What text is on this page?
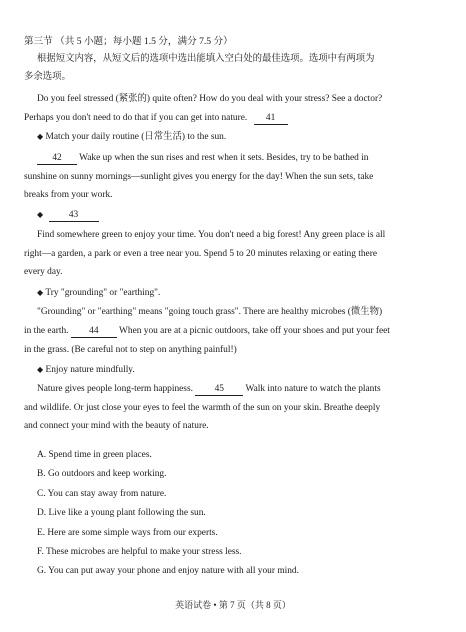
第三节 （共 5 小题；每小题 1.5 分，满分 7.5 分）
根据短文内容，从短文后的选项中选出能填入空白处的最佳选项。选项中有两项为
多余选项。
Do you feel stressed (紧张的) quite often? How do you deal with your stress? See a doctor?
Perhaps you don't need to do that if you can get into nature. 41
◆ Match your daily routine (日常生活) to the sun.
42 Wake up when the sun rises and rest when it sets. Besides, try to be bathed in
sunshine on sunny mornings—sunlight gives you energy for the day! When the sun sets, take
breaks from your work.
◆	43
Find somewhere green to enjoy your time. You don't need a big forest! Any green place is all
right—a garden, a park or even a tree near you. Spend 5 to 20 minutes relaxing or eating there
every day.
◆ Try "grounding" or "earthing".
"Grounding" or "earthing" means "going touch grass". There are healthy microbes (微生物)
in the earth. 44 When you are at a picnic outdoors, take off your shoes and put your feet
in the grass. (Be careful not to step on anything painful!)
◆ Enjoy nature mindfully.
Nature gives people long-term happiness. 45 Walk into nature to watch the plants
and wildlife. Or just close your eyes to feel the warmth of the sun on your skin. Breathe deeply
and connect your mind with the beauty of nature.
A. Spend time in green places.
B. Go outdoors and keep working.
C. You can stay away from nature.
D. Live like a young plant following the sun.
E. Here are some simple ways from our experts.
F. These microbes are helpful to make your stress less.
G. You can put away your phone and enjoy nature with all your mind.
英语试卷 • 第 7 页（共 8 页）
